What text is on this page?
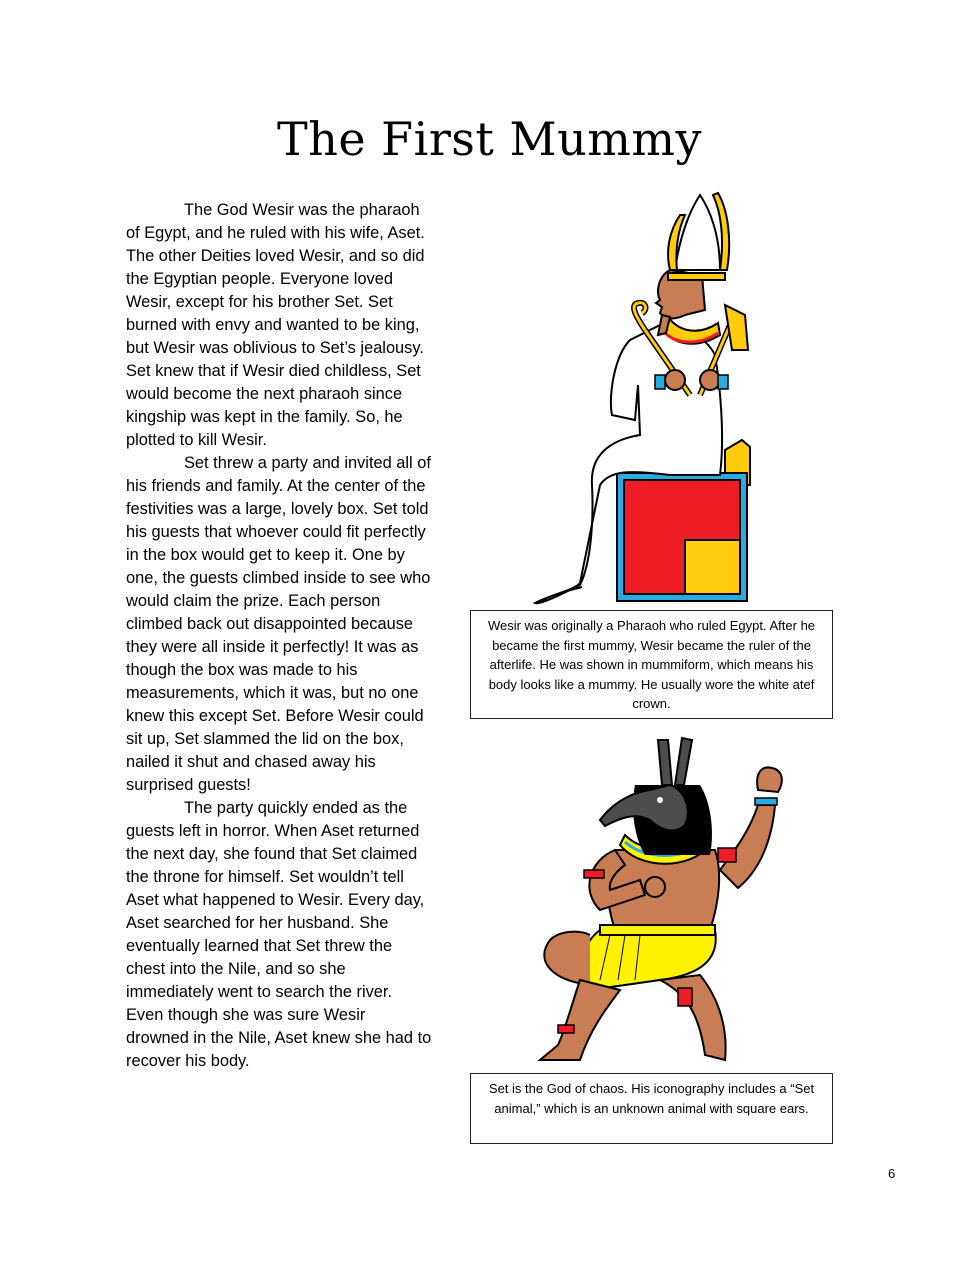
The First Mummy

The God Wesir was the pharaoh of Egypt, and he ruled with his wife, Aset. The other Deities loved Wesir, and so did the Egyptian people. Everyone loved Wesir, except for his brother Set. Set burned with envy and wanted to be king, but Wesir was oblivious to Set’s jealousy. Set knew that if Wesir died childless, Set would become the next pharaoh since kingship was kept in the family. So, he plotted to kill Wesir.

Set threw a party and invited all of his friends and family. At the center of the festivities was a large, lovely box. Set told his guests that whoever could fit perfectly in the box would get to keep it. One by one, the guests climbed inside to see who would claim the prize. Each person climbed back out disappointed because they were all inside it perfectly! It was as though the box was made to his measurements, which it was, but no one knew this except Set. Before Wesir could sit up, Set slammed the lid on the box, nailed it shut and chased away his surprised guests!

The party quickly ended as the guests left in horror. When Aset returned the next day, she found that Set claimed the throne for himself. Set wouldn’t tell Aset what happened to Wesir. Every day, Aset searched for her husband. She eventually learned that Set threw the chest into the Nile, and so she immediately went to search the river. Even though she was sure Wesir drowned in the Nile, Aset knew she had to recover his body.

Wesir was originally a Pharaoh who ruled Egypt. After he became the first mummy, Wesir became the ruler of the afterlife. He was shown in mummiform, which means his body looks like a mummy. He usually wore the white atef crown.
Set is the God of chaos. His iconography includes a “Set animal,” which is an unknown animal with square ears.
6
